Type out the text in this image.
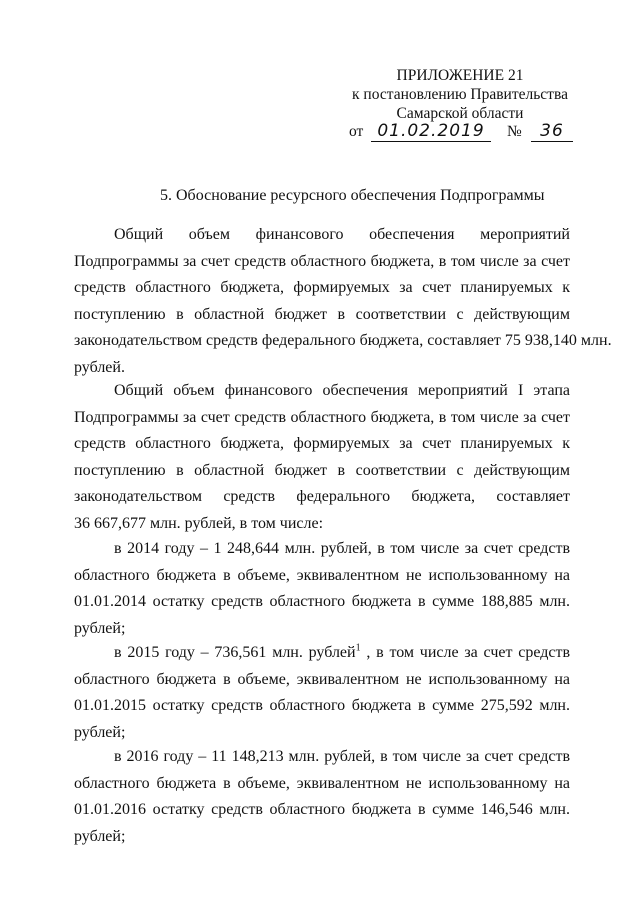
ПРИЛОЖЕНИЕ 21
к постановлению Правительства
Самарской области
от 01.02.2019	№	36
5. Обоснование ресурсного обеспечения Подпрограммы
Общий объем финансового обеспечения мероприятий
Подпрограммы за счет средств областного бюджета, в том числе за счет
средств областного бюджета, формируемых за счет планируемых к
поступлению в областной бюджет в соответствии с действующим
законодательством средств федерального бюджета, составляет 75 938,140 млн.
рублей.
Общий объем финансового обеспечения мероприятий I этапа
Подпрограммы за счет средств областного бюджета, в том числе за счет
средств областного бюджета, формируемых за счет планируемых к
поступлению в областной бюджет в соответствии с действующим
законодательством средств федерального бюджета, составляет
36 667,677 млн. рублей, в том числе:
в 2014 году – 1 248,644 млн. рублей, в том числе за счет средств
областного бюджета в объеме, эквивалентном не использованному на
01.01.2014 остатку средств областного бюджета в сумме 188,885 млн.
рублей;
в 2015 году – 736,561 млн. рублей$^1$ , в том числе за счет средств
областного бюджета в объеме, эквивалентном не использованному на
01.01.2015 остатку средств областного бюджета в сумме 275,592 млн.
рублей;
в 2016 году – 11 148,213 млн. рублей, в том числе за счет средств
областного бюджета в объеме, эквивалентном не использованному на
01.01.2016 остатку средств областного бюджета в сумме 146,546 млн.
рублей;
